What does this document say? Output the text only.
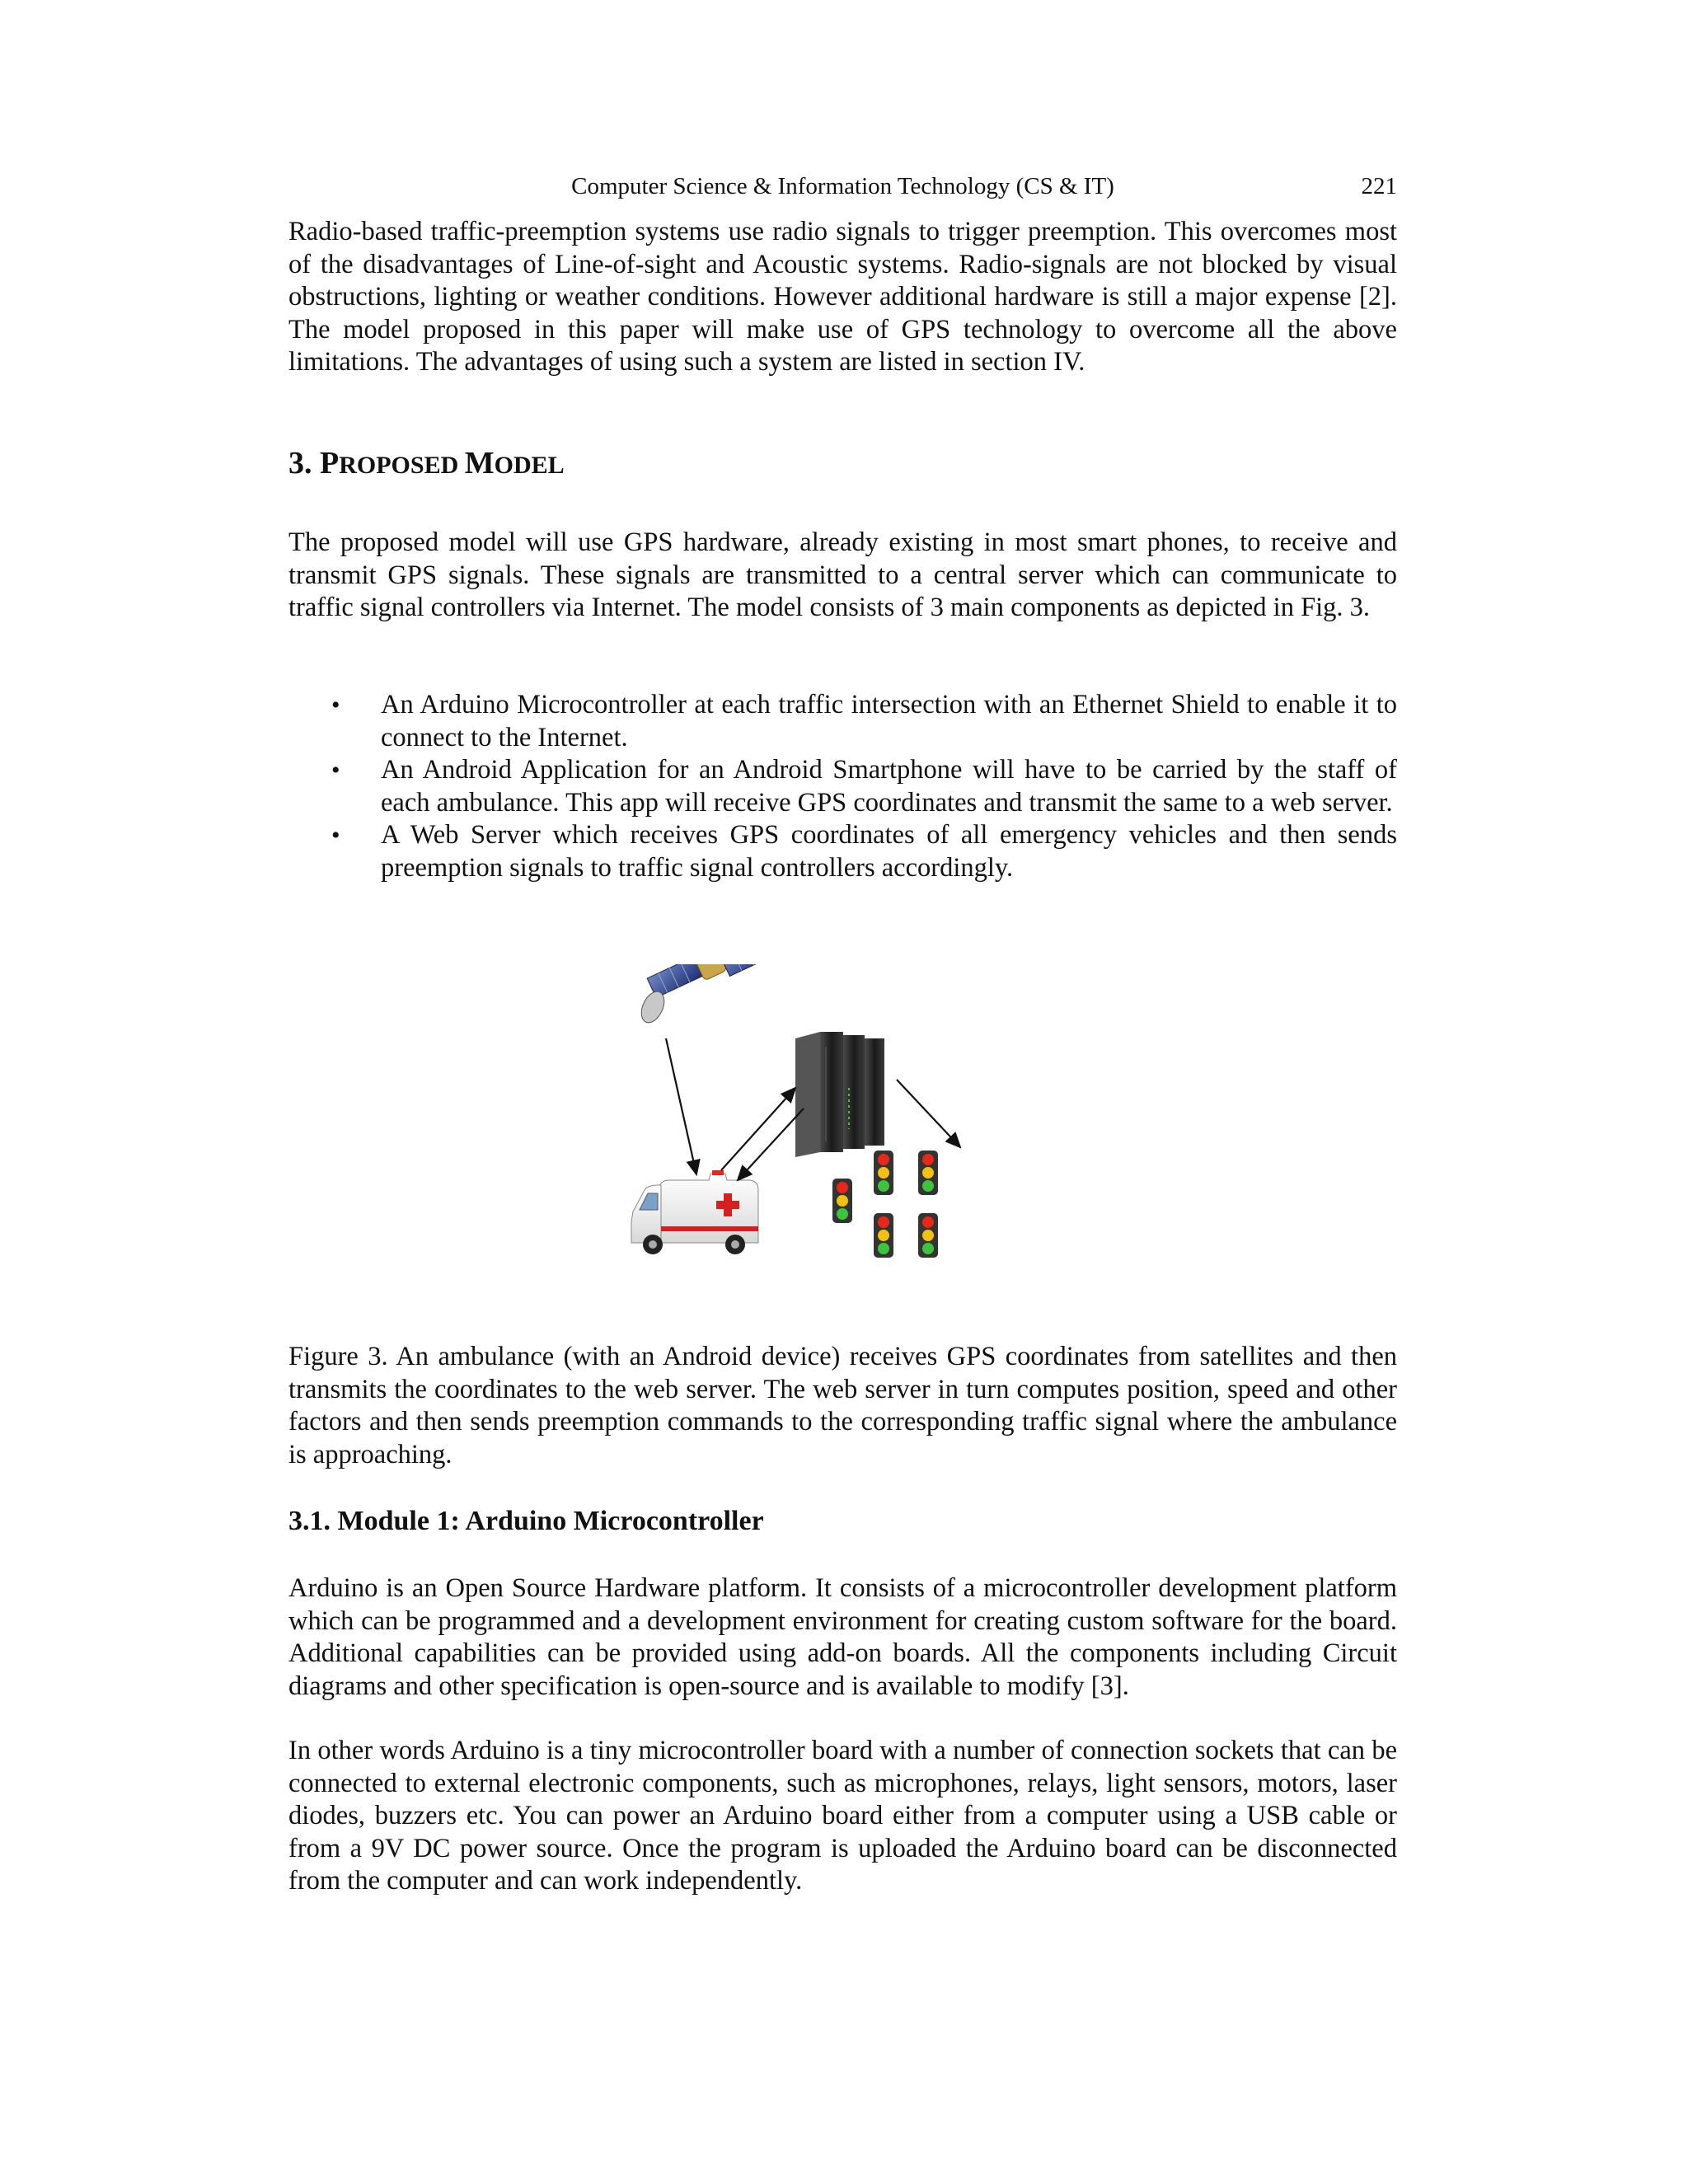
Computer Science & Information Technology (CS & IT)	221

Radio-based traffic-preemption systems use radio signals to trigger preemption. This overcomes most of the disadvantages of Line-of-sight and Acoustic systems. Radio-signals are not blocked by visual obstructions, lighting or weather conditions. However additional hardware is still a major expense [2]. The model proposed in this paper will make use of GPS technology to overcome all the above limitations. The advantages of using such a system are listed in section IV.

3. PROPOSED MODEL

The proposed model will use GPS hardware, already existing in most smart phones, to receive and transmit GPS signals. These signals are transmitted to a central server which can communicate to traffic signal controllers via Internet. The model consists of 3 main components as depicted in Fig. 3.

• An Arduino Microcontroller at each traffic intersection with an Ethernet Shield to enable it to connect to the Internet.
• An Android Application for an Android Smartphone will have to be carried by the staff of each ambulance. This app will receive GPS coordinates and transmit the same to a web server.
• A Web Server which receives GPS coordinates of all emergency vehicles and then sends preemption signals to traffic signal controllers accordingly.

Figure 3. An ambulance (with an Android device) receives GPS coordinates from satellites and then transmits the coordinates to the web server. The web server in turn computes position, speed and other factors and then sends preemption commands to the corresponding traffic signal where the ambulance is approaching.

3.1. Module 1: Arduino Microcontroller

Arduino is an Open Source Hardware platform. It consists of a microcontroller development platform which can be programmed and a development environment for creating custom software for the board. Additional capabilities can be provided using add-on boards. All the components including Circuit diagrams and other specification is open-source and is available to modify [3].

In other words Arduino is a tiny microcontroller board with a number of connection sockets that can be connected to external electronic components, such as microphones, relays, light sensors, motors, laser diodes, buzzers etc. You can power an Arduino board either from a computer using a USB cable or from a 9V DC power source. Once the program is uploaded the Arduino board can be disconnected from the computer and can work independently.
